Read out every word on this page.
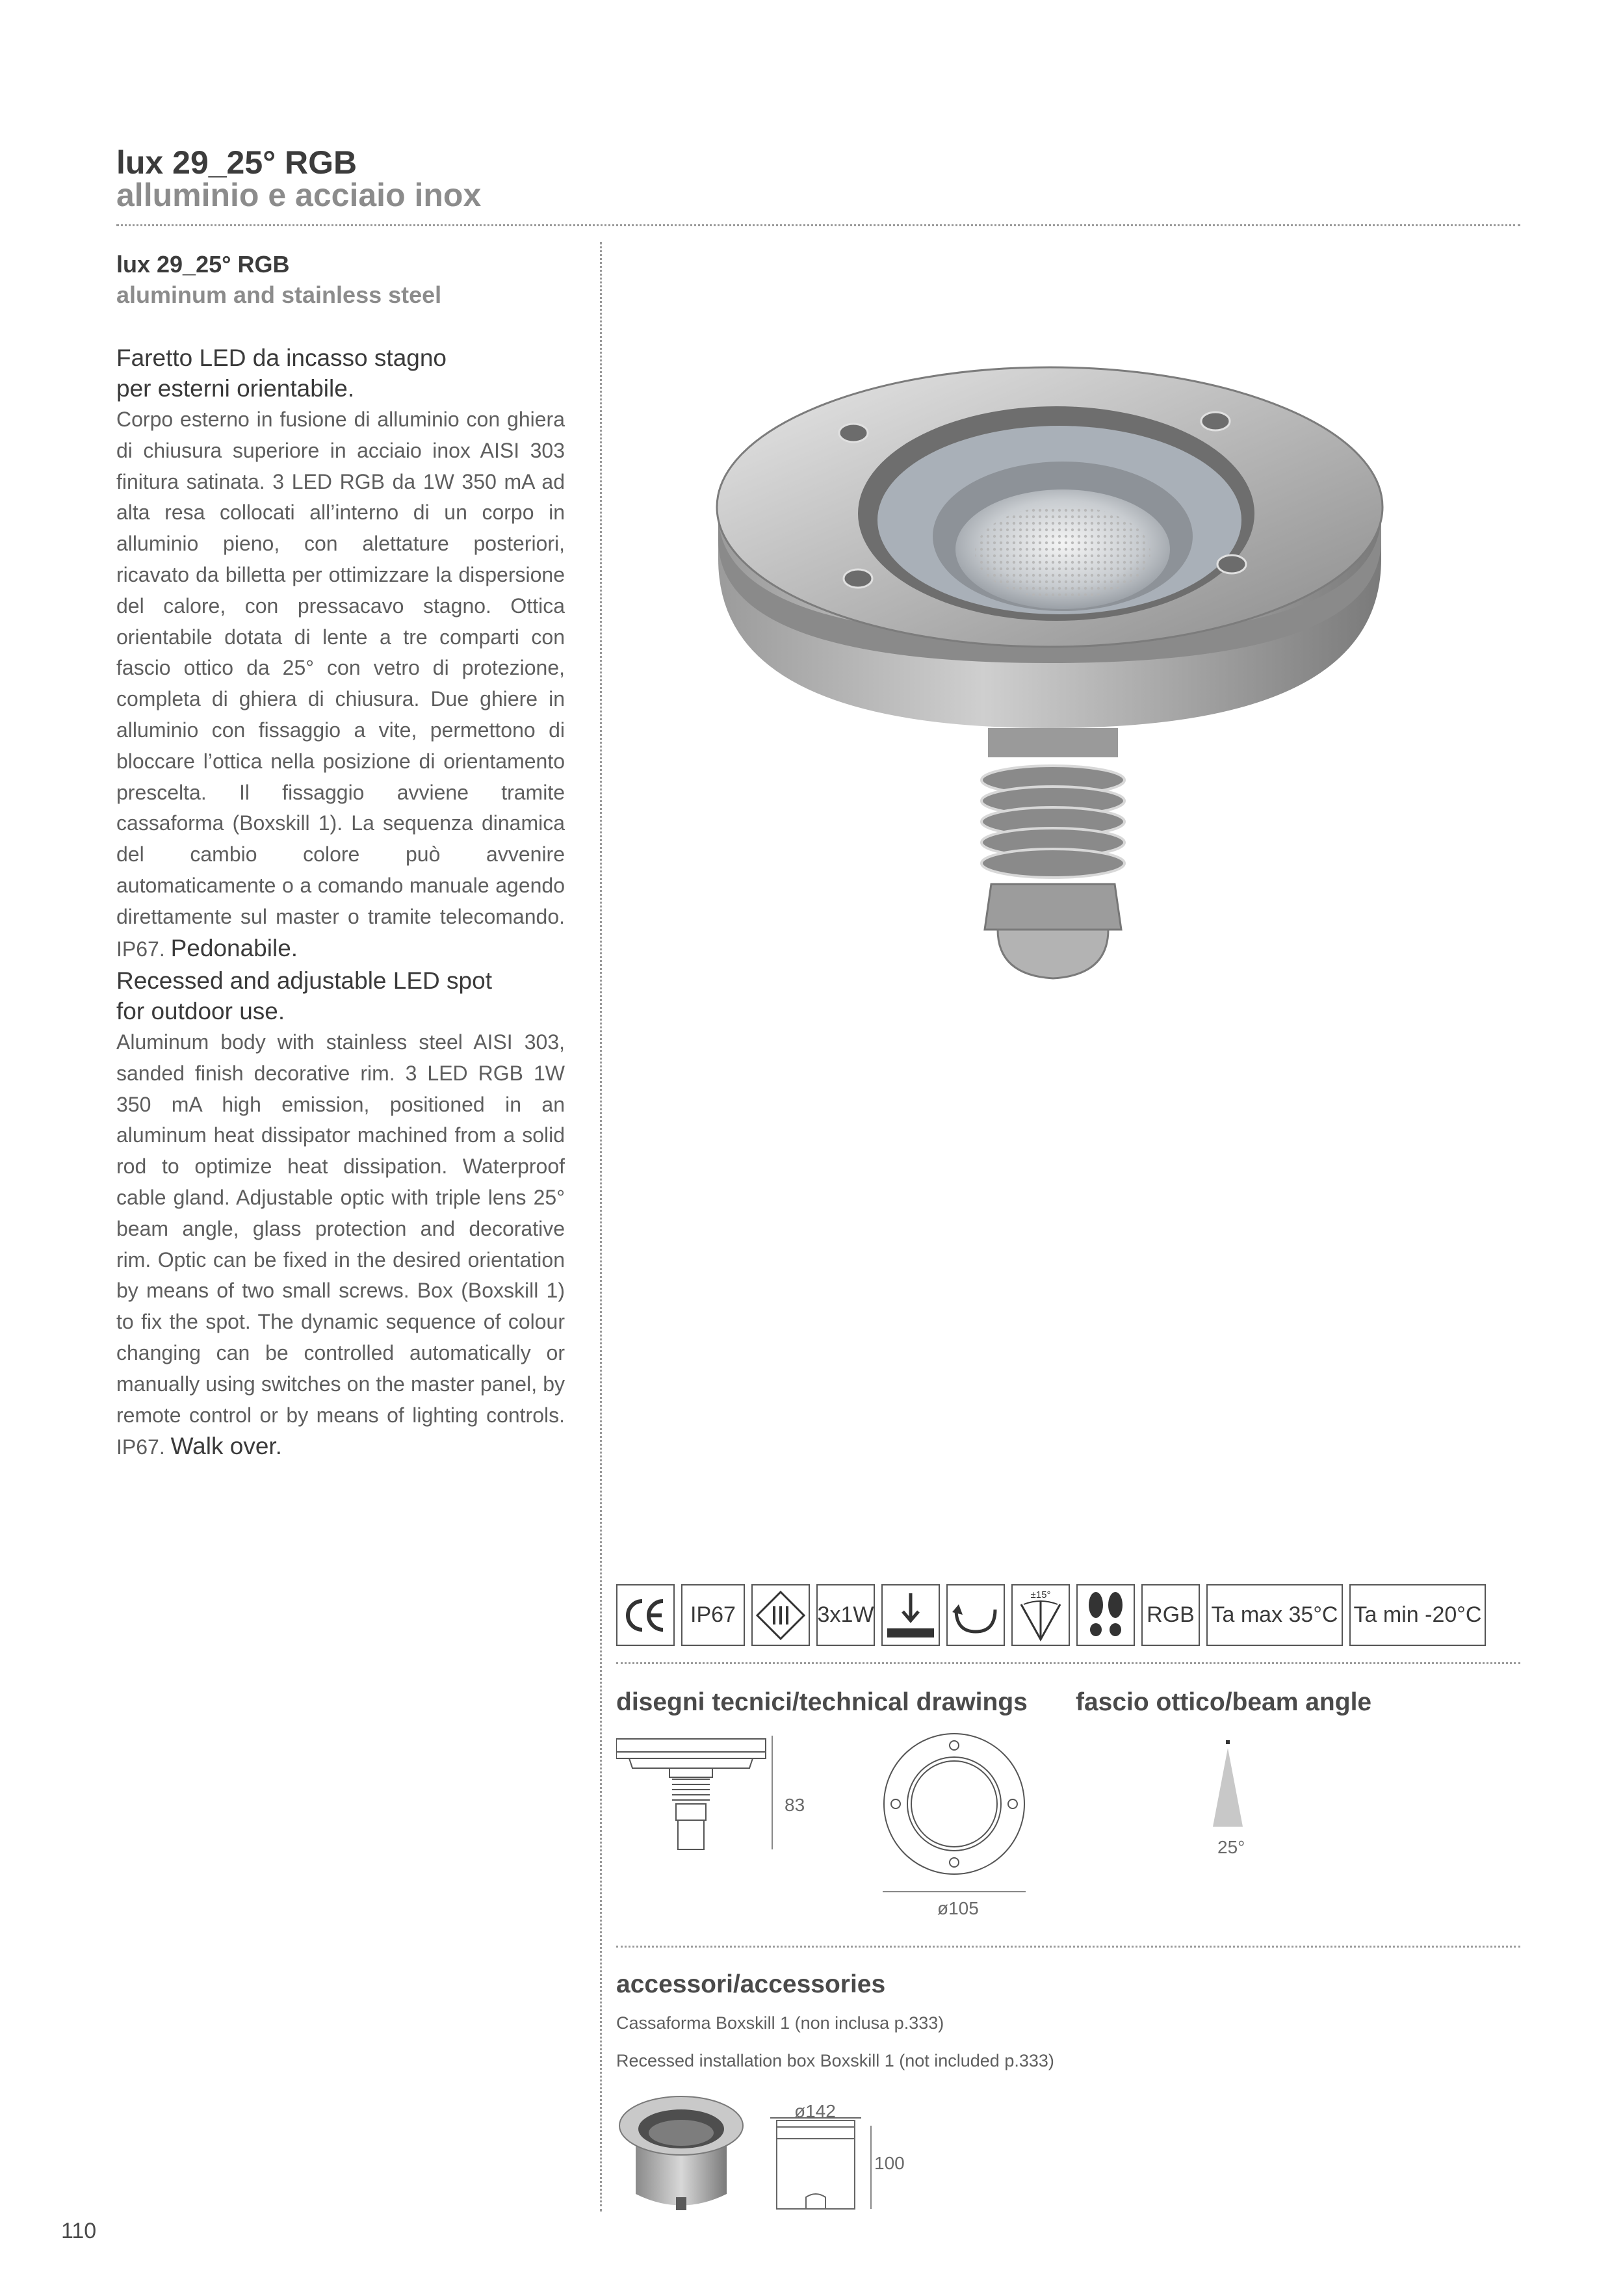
lux 29_25° RGB
alluminio e acciaio inox
lux 29_25° RGB
aluminum and stainless steel
Faretto LED da incasso stagno
per esterni orientabile.
Corpo esterno in fusione di alluminio con ghiera di chiusura superiore in acciaio inox AISI 303 finitura satinata. 3 LED RGB da 1W 350 mA ad alta resa collocati all’interno di un corpo in alluminio pieno, con alettature posteriori, ricavato da billetta per ottimizzare la dispersione del calore, con pressacavo stagno. Ottica orientabile dotata di lente a tre comparti con fascio ottico da 25° con vetro di protezione, completa di ghiera di chiusura. Due ghiere in alluminio con fissaggio a vite, permettono di bloccare l’ottica nella posizione di orientamento prescelta. Il fissaggio avviene tramite cassaforma (Boxskill 1). La sequenza dinamica del cambio colore può avvenire automaticamente o a comando manuale agendo direttamente sul master o tramite telecomando. IP67. Pedonabile.
Recessed and adjustable LED spot
for outdoor use.
Aluminum body with stainless steel AISI 303, sanded finish decorative rim. 3 LED RGB 1W 350 mA high emission, positioned in an aluminum heat dissipator machined from a solid rod to optimize heat dissipation. Waterproof cable gland. Adjustable optic with triple lens 25° beam angle, glass protection and decorative rim. Optic can be fixed in the desired orientation by means of two small screws. Box (Boxskill 1) to fix the spot. The dynamic sequence of colour changing can be controlled automatically or manually using switches on the master panel, by remote control or by means of lighting controls. IP67. Walk over.
IP67	3x1W
±15°
RGB Ta max 35°C Ta min -20°C
disegni tecnici/technical drawings fascio ottico/beam angle
83
ø105
25°
accessori/accessories
Cassaforma Boxskill 1 (non inclusa p.333)
Recessed installation box Boxskill 1 (not included p.333)
ø142
100
110
